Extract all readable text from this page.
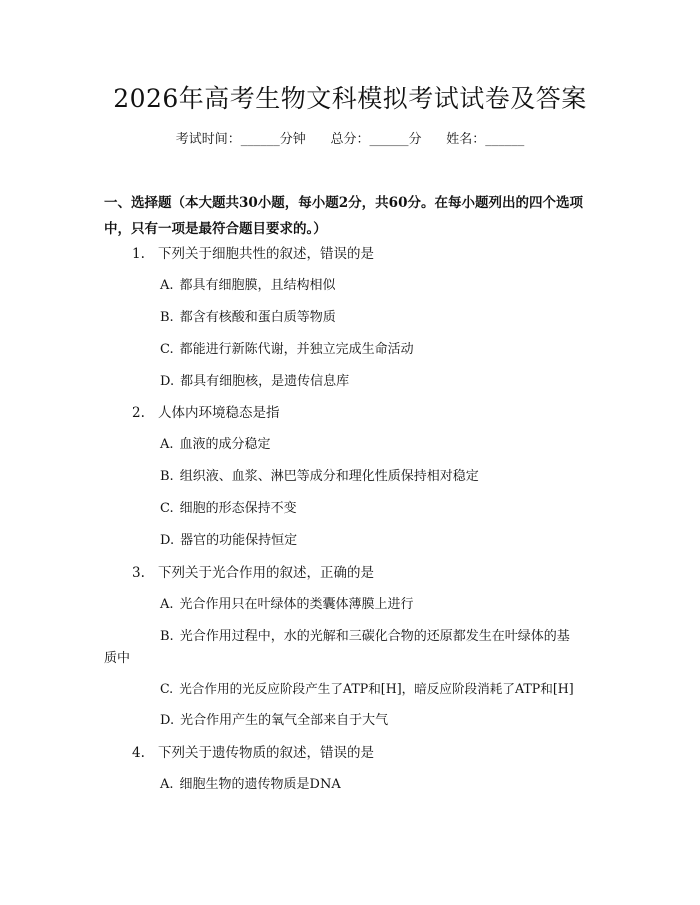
2026年高考生物文科模拟考试试卷及答案
考试时间：______分钟      总分：______分      姓名：______
一、选择题（本大题共30小题，每小题2分，共60分。在每小题列出的四个选项中，只有一项是最符合题目要求的。）
1. 下列关于细胞共性的叙述，错误的是
A. 都具有细胞膜，且结构相似
B. 都含有核酸和蛋白质等物质
C. 都能进行新陈代谢，并独立完成生命活动
D. 都具有细胞核，是遗传信息库
2. 人体内环境稳态是指
A. 血液的成分稳定
B. 组织液、血浆、淋巴等成分和理化性质保持相对稳定
C. 细胞的形态保持不变
D. 器官的功能保持恒定
3. 下列关于光合作用的叙述，正确的是
A. 光合作用只在叶绿体的类囊体薄膜上进行
B. 光合作用过程中，水的光解和三碳化合物的还原都发生在叶绿体的基
质中
C. 光合作用的光反应阶段产生了ATP和[H]，暗反应阶段消耗了ATP和[H]
D. 光合作用产生的氧气全部来自于大气
4. 下列关于遗传物质的叙述，错误的是
A. 细胞生物的遗传物质是DNA
